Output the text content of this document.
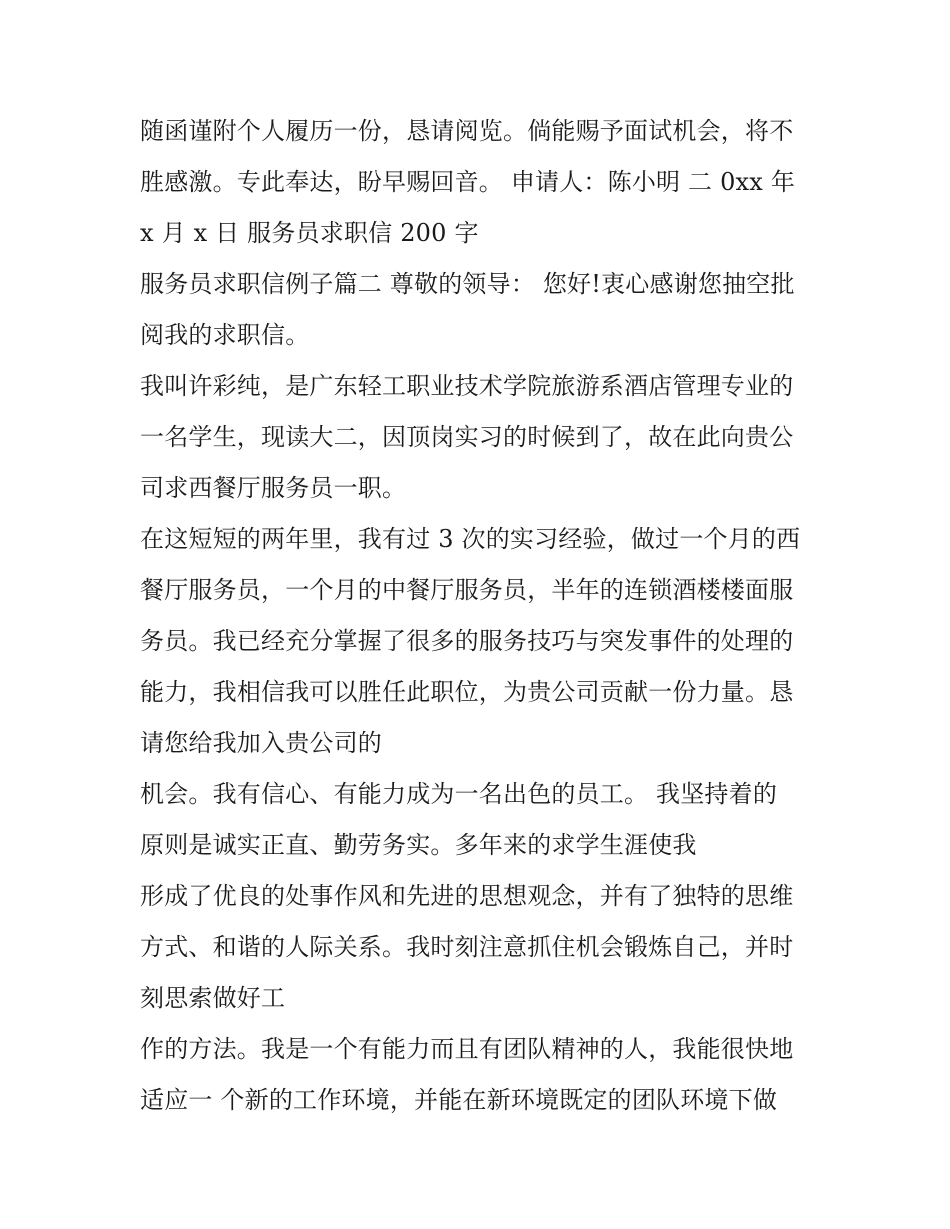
随函谨附个人履历一份，恳请阅览。倘能赐予面试机会，将不
胜感激。专此奉达，盼早赐回音。 申请人：陈小明 二 0xx 年
x 月 x 日 服务员求职信 200 字
服务员求职信例子篇二 尊敬的领导： 您好!衷心感谢您抽空批
阅我的求职信。
我叫许彩纯，是广东轻工职业技术学院旅游系酒店管理专业的
一名学生，现读大二，因顶岗实习的时候到了，故在此向贵公
司求西餐厅服务员一职。
在这短短的两年里，我有过 3 次的实习经验，做过一个月的西
餐厅服务员，一个月的中餐厅服务员，半年的连锁酒楼楼面服
务员。我已经充分掌握了很多的服务技巧与突发事件的处理的
能力，我相信我可以胜任此职位，为贵公司贡献一份力量。恳
请您给我加入贵公司的
机会。我有信心、有能力成为一名出色的员工。 我坚持着的
原则是诚实正直、勤劳务实。多年来的求学生涯使我
形成了优良的处事作风和先进的思想观念，并有了独特的思维
方式、和谐的人际关系。我时刻注意抓住机会锻炼自己，并时
刻思索做好工
作的方法。我是一个有能力而且有团队精神的人，我能很快地
适应一 个新的工作环境，并能在新环境既定的团队环境下做
